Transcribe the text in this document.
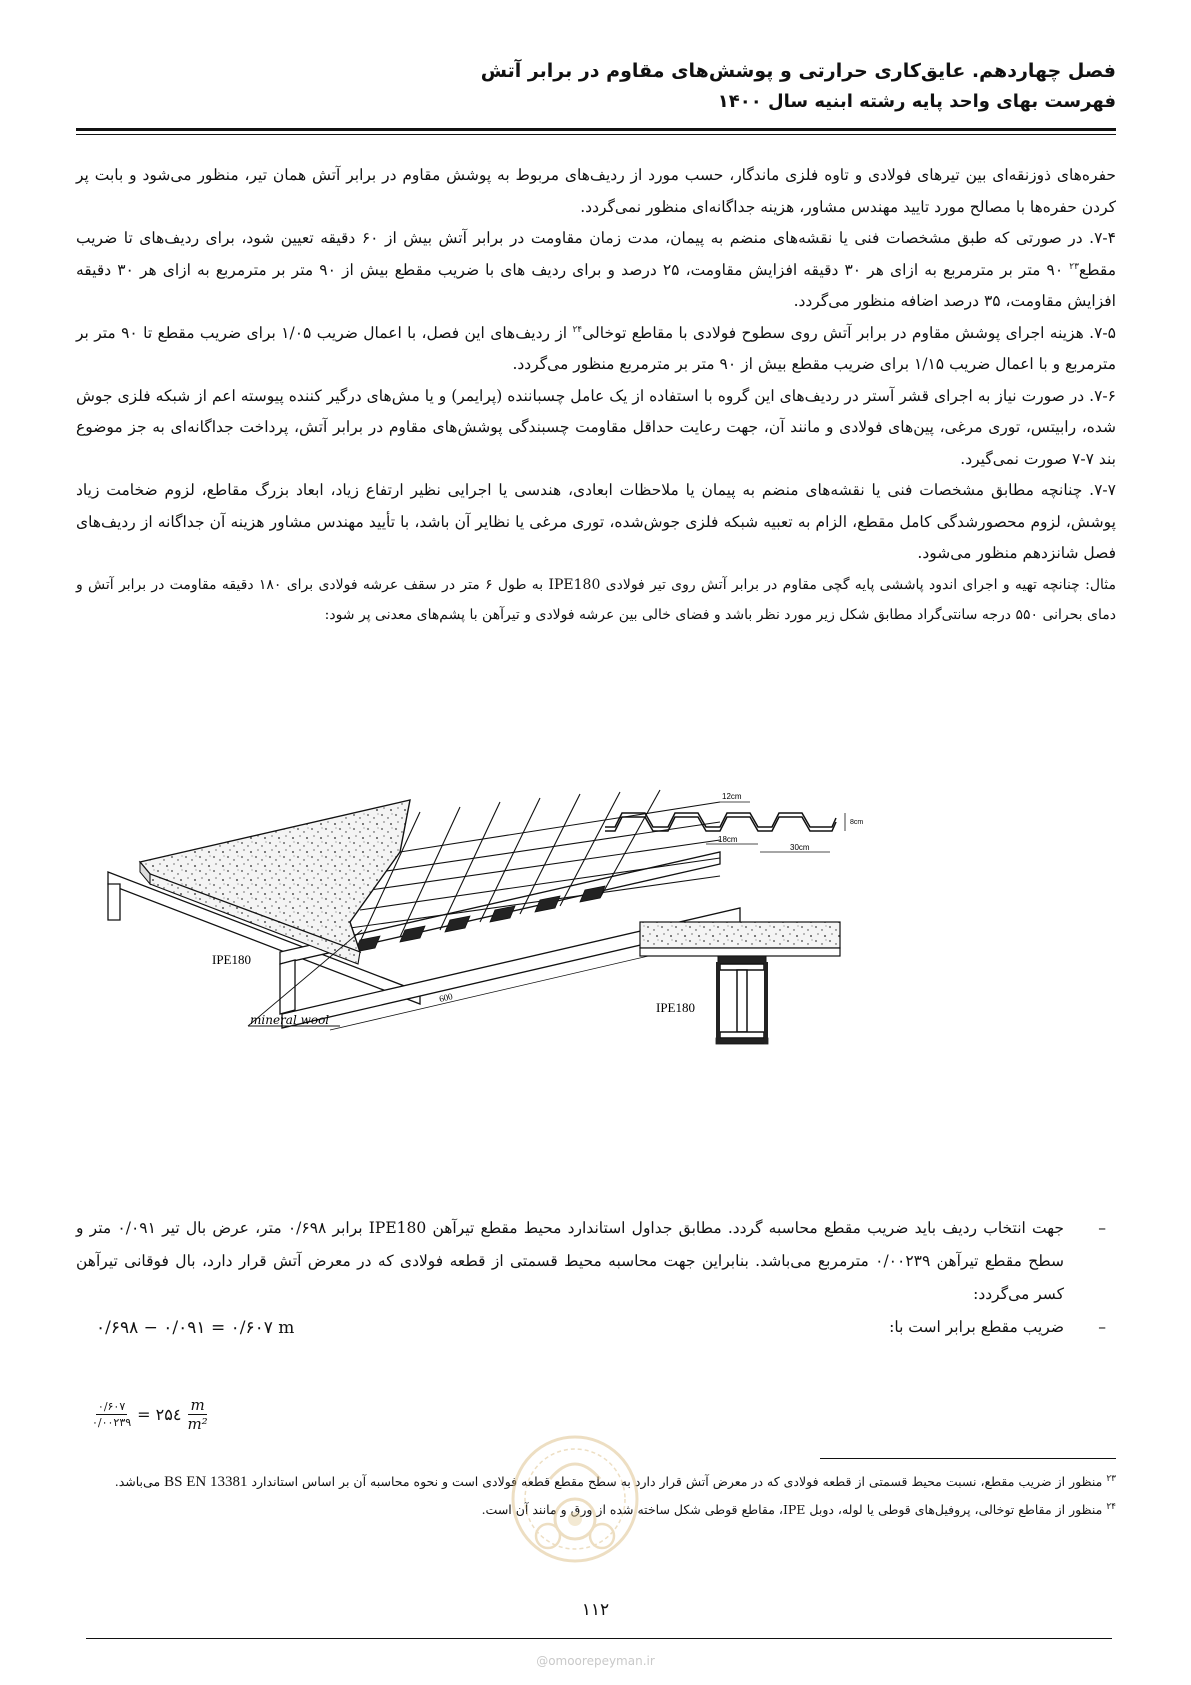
فصل چهاردهم. عایق‌کاری حرارتی و پوشش‌های مقاوم در برابر آتش
فهرست بهای واحد پایه رشته ابنیه سال ۱۴۰۰

حفره‌های ذوزنقه‌ای بین تیرهای فولادی و تاوه فلزی ماندگار، حسب مورد از ردیف‌های مربوط به پوشش مقاوم در برابر آتش همان تیر، منظور می‌شود و بابت پر کردن حفره‌ها با مصالح مورد تایید مهندس مشاور، هزینه جداگانه‌ای منظور نمی‌گردد.

۷-۴. در صورتی که طبق مشخصات فنی یا نقشه‌های منضم به پیمان، مدت زمان مقاومت در برابر آتش بیش از ۶۰ دقیقه تعیین شود، برای ردیف‌های تا ضریب مقطع$^{۲۳}$ ۹۰ متر بر مترمربع به ازای هر ۳۰ دقیقه افزایش مقاومت، ۲۵ درصد و برای ردیف های با ضریب مقطع بیش از ۹۰ متر بر مترمربع به ازای هر ۳۰ دقیقه افزایش مقاومت، ۳۵ درصد اضافه منظور می‌گردد.

۷-۵. هزینه اجرای پوشش مقاوم در برابر آتش روی سطوح فولادی با مقاطع توخالی$^{۲۴}$ از ردیف‌های این فصل، با اعمال ضریب ۱/۰۵ برای ضریب مقطع تا ۹۰ متر بر مترمربع و با اعمال ضریب ۱/۱۵ برای ضریب مقطع بیش از ۹۰ متر بر مترمربع منظور می‌گردد.

۷-۶. در صورت نیاز به اجرای قشر آستر در ردیف‌های این گروه با استفاده از یک عامل چسباننده (پرایمر) و یا مش‌های درگیر کننده پیوسته اعم از شبکه فلزی جوش شده، رابیتس، توری مرغی، پین‌های فولادی و مانند آن، جهت رعایت حداقل مقاومت چسبندگی پوشش‌های مقاوم در برابر آتش، پرداخت جداگانه‌ای به جز موضوع بند ۷-۷ صورت نمی‌گیرد.

۷-۷. چنانچه مطابق مشخصات فنی یا نقشه‌های منضم به پیمان یا ملاحظات ابعادی، هندسی یا اجرایی نظیر ارتفاع زیاد، ابعاد بزرگ مقاطع، لزوم ضخامت زیاد پوشش، لزوم محصورشدگی کامل مقطع، الزام به تعبیه شبکه فلزی جوش‌شده، توری مرغی یا نظایر آن باشد، با تأیید مهندس مشاور هزینه آن جداگانه از ردیف‌های فصل شانزدهم منظور می‌شود.

مثال: چنانچه تهیه و اجرای اندود پاششی پایه گچی مقاوم در برابر آتش روی تیر فولادی IPE180 به طول ۶ متر در سقف عرشه فولادی برای ۱۸۰ دقیقه مقاومت در برابر آتش و دمای بحرانی ۵۵۰ درجه سانتی‌گراد مطابق شکل زیر مورد نظر باشد و فضای خالی بین عرشه فولادی و تیرآهن با پشم‌های معدنی پر شود:

600
IPE180
mineral wool
12cm
18cm
30cm
8cm
IPE180
–
جهت انتخاب ردیف باید ضریب مقطع محاسبه گردد. مطابق جداول استاندارد محیط مقطع تیرآهن IPE180 برابر ۰/۶۹۸ متر، عرض بال تیر ۰/۰۹۱ متر و سطح مقطع تیرآهن ۰/۰۰۲۳۹ مترمربع می‌باشد. بنابراین جهت محاسبه محیط قسمتی از قطعه فولادی که در معرض آتش قرار دارد، بال فوقانی تیرآهن کسر می‌گردد:
–
ضریب مقطع برابر است با:
۰/۶۹۸ − ۰/۰۹۱ = ۰/۶۰۷ m
$\frac{۰/۶۰۷}{۰/۰۰۲۳۹}$ = ۲۵٤ $\frac{m}{\text{m²}}$

$^{۲۳}$ منظور از ضریب مقطع، نسبت محیط قسمتی از قطعه فولادی که در معرض آتش قرار دارد به سطح مقطع قطعه فولادی است و نحوه محاسبه آن بر اساس استاندارد BS EN 13381 می‌باشد.

$^{۲۴}$ منظور از مقاطع توخالی، پروفیل‌های قوطی یا لوله، دوبل IPE، مقاطع قوطی شکل ساخته شده از ورق و مانند آن است.

۱۱۲
@omoorepeyman.ir
